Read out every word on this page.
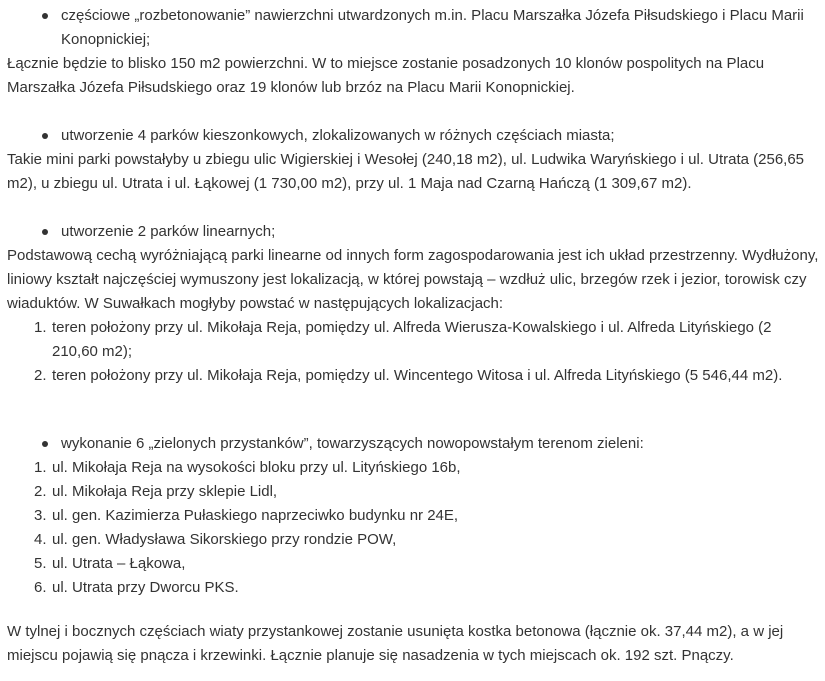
częściowe „rozbetonowanie” nawierzchni utwardzonych m.in. Placu Marszałka Józefa Piłsudskiego i Placu Marii Konopnickiej;

Łącznie będzie to blisko 150 m2 powierzchni. W to miejsce zostanie posadzonych 10 klonów pospolitych na Placu Marszałka Józefa Piłsudskiego oraz 19 klonów lub brzóz na Placu Marii Konopnickiej.

utworzenie 4 parków kieszonkowych, zlokalizowanych w różnych częściach miasta;

Takie mini parki powstałyby u zbiegu ulic Wigierskiej i Wesołej (240,18 m2), ul. Ludwika Waryńskiego i ul. Utrata (256,65 m2), u zbiegu ul. Utrata i ul. Łąkowej (1 730,00 m2), przy ul. 1 Maja nad Czarną Hańczą (1 309,67 m2).

utworzenie 2 parków linearnych;

Podstawową cechą wyróżniającą parki linearne od innych form zagospodarowania jest ich układ przestrzenny. Wydłużony, liniowy kształt najczęściej wymuszony jest lokalizacją, w której powstają – wzdłuż ulic, brzegów rzek i jezior, torowisk czy wiaduktów. W Suwałkach mogłyby powstać w następujących lokalizacjach:

1. teren położony przy ul. Mikołaja Reja, pomiędzy ul. Alfreda Wierusza-Kowalskiego i ul. Alfreda Lityńskiego (2 210,60 m2);
2. teren położony przy ul. Mikołaja Reja, pomiędzy ul. Wincentego Witosa i ul. Alfreda Lityńskiego (5 546,44 m2).
wykonanie 6 „zielonych przystanków”, towarzyszących nowopowstałym terenom zieleni:
1. ul. Mikołaja Reja na wysokości bloku przy ul. Lityńskiego 16b,
2. ul. Mikołaja Reja przy sklepie Lidl,
3. ul. gen. Kazimierza Pułaskiego naprzeciwko budynku nr 24E,
4. ul. gen. Władysława Sikorskiego przy rondzie POW,
5. ul. Utrata – Łąkowa,
6. ul. Utrata przy Dworcu PKS.

W tylnej i bocznych częściach wiaty przystankowej zostanie usunięta kostka betonowa (łącznie ok. 37,44 m2), a w jej miejscu pojawią się pnącza i krzewinki. Łącznie planuje się nasadzenia w tych miejscach ok. 192 szt. Pnączy.
